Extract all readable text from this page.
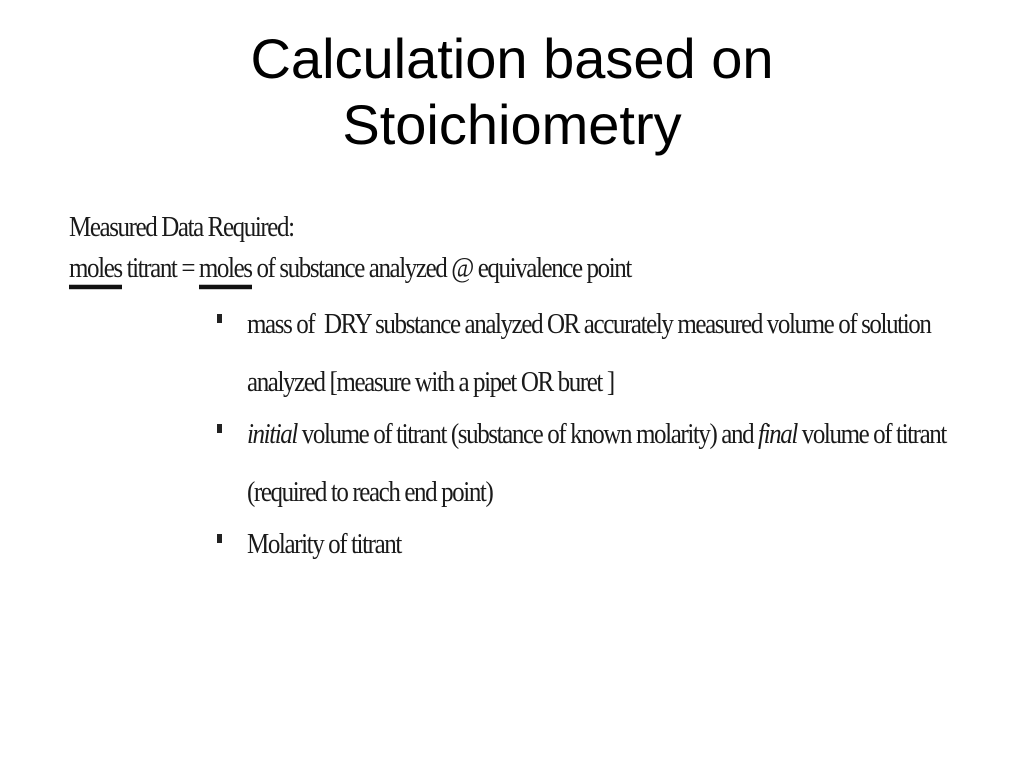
Calculation based on
Stoichiometry
Measured Data Required:
moles titrant = moles of substance analyzed @ equivalence point
mass of  DRY substance analyzed OR accurately measured volume of solution analyzed [measure with a pipet OR buret ]
initial volume of titrant (substance of known molarity) and final volume of titrant (required to reach end point)
Molarity of titrant
